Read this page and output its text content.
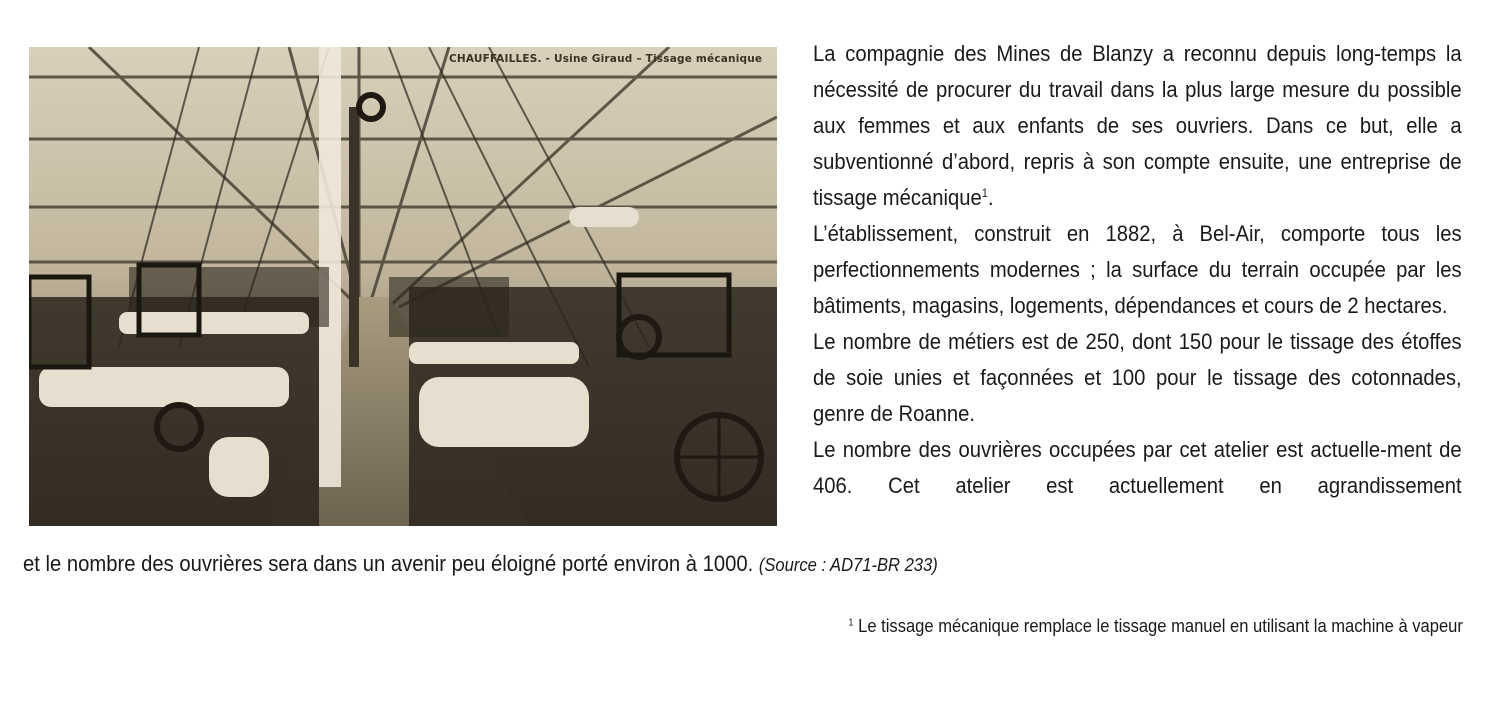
CHAUFFAILLES. - Usine Giraud – Tissage mécanique La compagnie des Mines de Blanzy a reconnu depuis long-temps la nécessité de procurer du travail dans la plus large mesure du possible aux femmes et aux enfants de ses ouvriers. Dans ce but, elle a subventionné d’abord, repris à son compte ensuite, une entreprise de tissage mécanique$^1$.

L’établissement, construit en 1882, à Bel-Air, comporte tous les perfectionnements modernes ; la surface du terrain occupée par les bâtiments, magasins, logements, dépendances et cours de 2 hectares.

Le nombre de métiers est de 250, dont 150 pour le tissage des étoffes de soie unies et façonnées et 100 pour le tissage des cotonnades, genre de Roanne.

Le nombre des ouvrières occupées par cet atelier est actuelle-ment de 406. Cet atelier est actuellement en agrandissement

et le nombre des ouvrières sera dans un avenir peu éloigné porté environ à 1000. (Source : AD71-BR 233)
$^1$ Le tissage mécanique remplace le tissage manuel en utilisant la machine à vapeur
